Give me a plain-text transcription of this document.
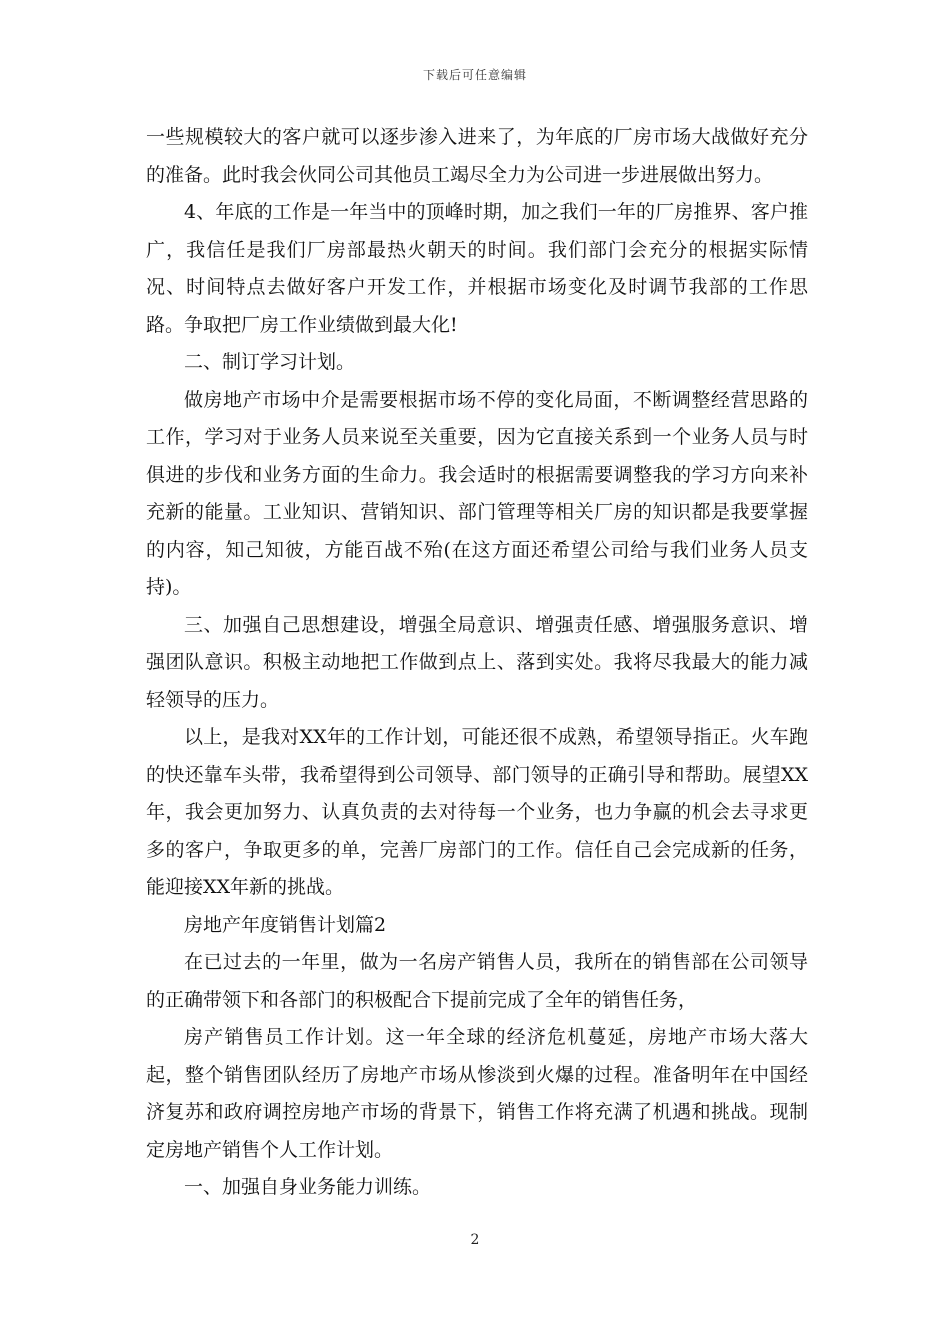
下载后可任意编辑

一些规模较大的客户就可以逐步渗入进来了，为年底的厂房市场大战做好充分的准备。此时我会伙同公司其他员工竭尽全力为公司进一步进展做出努力。

4、年底的工作是一年当中的顶峰时期，加之我们一年的厂房推界、客户推广，我信任是我们厂房部最热火朝天的时间。我们部门会充分的根据实际情况、时间特点去做好客户开发工作，并根据市场变化及时调节我部的工作思路。争取把厂房工作业绩做到最大化!

二、制订学习计划。

做房地产市场中介是需要根据市场不停的变化局面，不断调整经营思路的工作，学习对于业务人员来说至关重要，因为它直接关系到一个业务人员与时俱进的步伐和业务方面的生命力。我会适时的根据需要调整我的学习方向来补充新的能量。工业知识、营销知识、部门管理等相关厂房的知识都是我要掌握的内容，知己知彼，方能百战不殆(在这方面还希望公司给与我们业务人员支持)。

三、加强自己思想建设，增强全局意识、增强责任感、增强服务意识、增强团队意识。积极主动地把工作做到点上、落到实处。我将尽我最大的能力减轻领导的压力。

以上，是我对XX年的工作计划，可能还很不成熟，希望领导指正。火车跑的快还靠车头带，我希望得到公司领导、部门领导的正确引导和帮助。展望XX年，我会更加努力、认真负责的去对待每一个业务，也力争赢的机会去寻求更多的客户，争取更多的单，完善厂房部门的工作。信任自己会完成新的任务，能迎接XX年新的挑战。

房地产年度销售计划篇2

在已过去的一年里，做为一名房产销售人员，我所在的销售部在公司领导的正确带领下和各部门的积极配合下提前完成了全年的销售任务，

房产销售员工作计划。这一年全球的经济危机蔓延，房地产市场大落大起，整个销售团队经历了房地产市场从惨淡到火爆的过程。准备明年在中国经济复苏和政府调控房地产市场的背景下，销售工作将充满了机遇和挑战。现制定房地产销售个人工作计划。

一、加强自身业务能力训练。

2
